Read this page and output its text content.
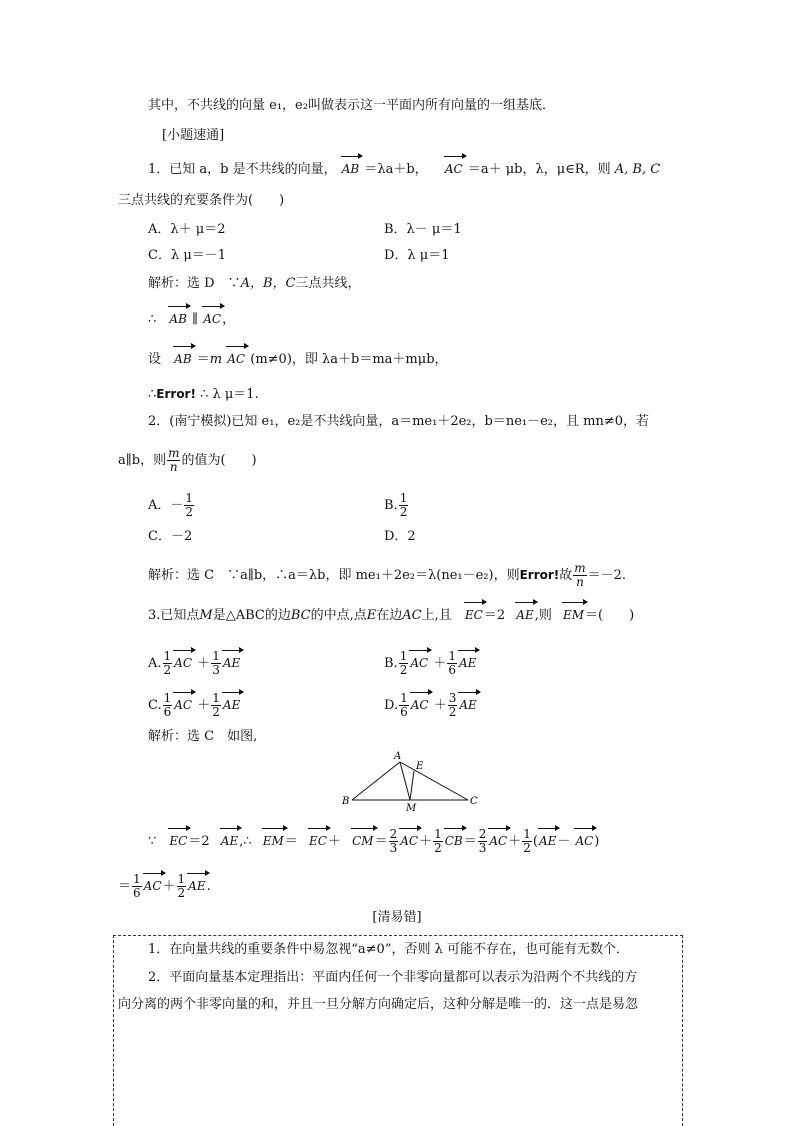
其中，不共线的向量 e₁，e₂叫做表示这一平面内所有向量的一组基底．
[小题速通]
1．已知 a，b 是不共线的向量， AB ＝λa＋b， AC ＝a＋ μb，λ，μ∈R，则 A, B, C
三点共线的充要条件为(　　)
A．λ＋ μ＝2	B．λ－ μ＝1
C．λ μ＝－1	D．λ μ＝1
解析：选 D　∵A，B，C三点共线，
∴ AB ∥ AC，
设 AB ＝m AC (m≠0)，即 λa＋b＝ma＋mμb，
∴Error! ∴ λ μ＝1.
2．(南宁模拟)已知 e₁，e₂是不共线向量，a＝me₁＋2e₂，b＝ne₁－e₂，且 mn≠0，若
a∥b，则 $\frac{m}{n}$ 的值为(　　)
A．－ $\frac{1}{2}$	B. $\frac{1}{2}$
C．－2	D．2
解析：选 C　∵a∥b，∴a＝λb，即 me₁＋2e₂＝λ(ne₁－e₂)，则Error!故 $\frac{m}{n} =-2$.
3.已知点M是△ABC的边BC的中点,点E在边AC上,且 EC＝2 AE,则 EM＝(　　)
A. $\frac{1}{2}$ AC ＋ $\frac{1}{3}$ AE	B. $\frac{1}{2}$ AC ＋ $\frac{1}{6}$ AE
C. $\frac{1}{6}$ AC ＋ $\frac{1}{2}$ AE	D. $\frac{1}{6}$ AC ＋ $\frac{3}{2}$ AE
解析：选 C　如图,
A
B	C
E
M
∵ EC＝2 AE,∴ $EM= EC+ CM= \frac{2}{3} AC+ \frac{1}{2} CB= \frac{2}{3} AC+ \frac{1}{2} (AE- AC)$
＝ $\frac{1}{6} AC+ \frac{1}{2}$ AE.
[清易错]
1．在向量共线的重要条件中易忽视“a≠0”，否则 λ 可能不存在，也可能有无数个．
2．平面向量基本定理指出：平面内任何一个非零向量都可以表示为沿两个不共线的方
向分离的两个非零向量的和，并且一旦分解方向确定后，这种分解是唯一的．这一点是易忽
